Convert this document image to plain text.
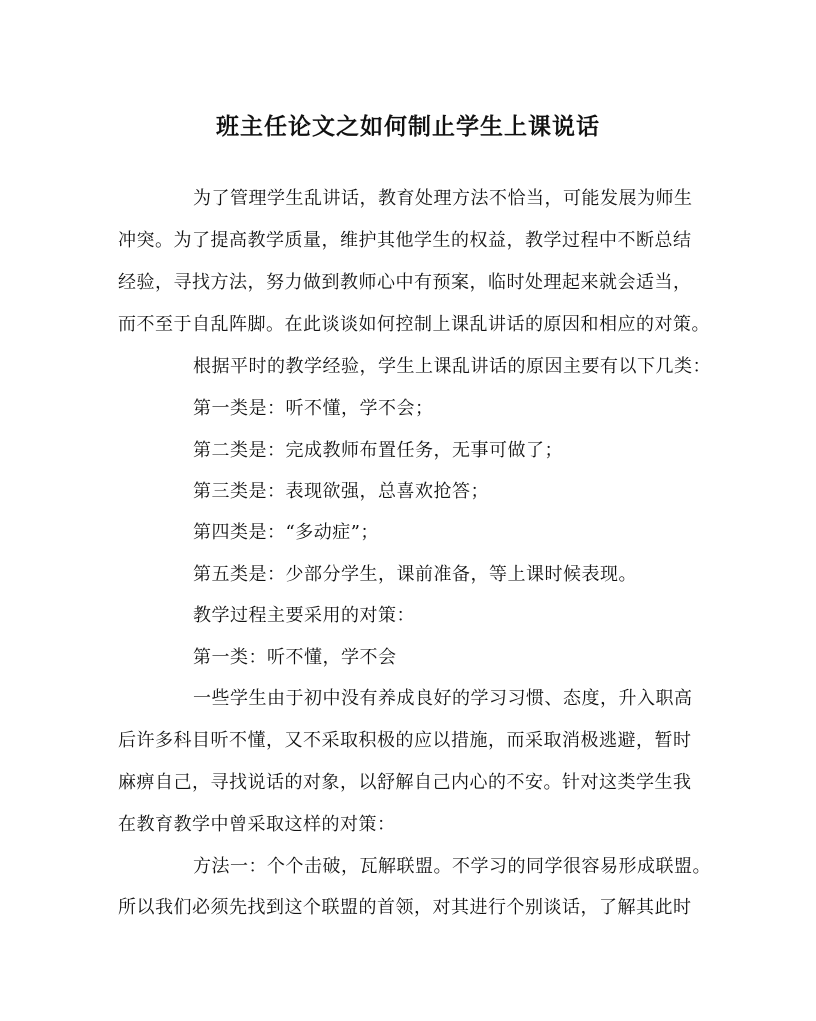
班主任论文之如何制止学生上课说话
为了管理学生乱讲话，教育处理方法不恰当，可能发展为师生
冲突。为了提高教学质量，维护其他学生的权益，教学过程中不断总结
经验，寻找方法，努力做到教师心中有预案，临时处理起来就会适当，
而不至于自乱阵脚。在此谈谈如何控制上课乱讲话的原因和相应的对策。
根据平时的教学经验，学生上课乱讲话的原因主要有以下几类：
第一类是：听不懂，学不会；
第二类是：完成教师布置任务，无事可做了；
第三类是：表现欲强，总喜欢抢答；
第四类是：“多动症”；
第五类是：少部分学生，课前准备，等上课时候表现。
教学过程主要采用的对策：
第一类：听不懂，学不会
一些学生由于初中没有养成良好的学习习惯、态度，升入职高
后许多科目听不懂，又不采取积极的应以措施，而采取消极逃避，暂时
麻痹自己，寻找说话的对象，以舒解自己内心的不安。针对这类学生我
在教育教学中曾采取这样的对策：
方法一：个个击破，瓦解联盟。不学习的同学很容易形成联盟。
所以我们必须先找到这个联盟的首领，对其进行个别谈话，了解其此时
